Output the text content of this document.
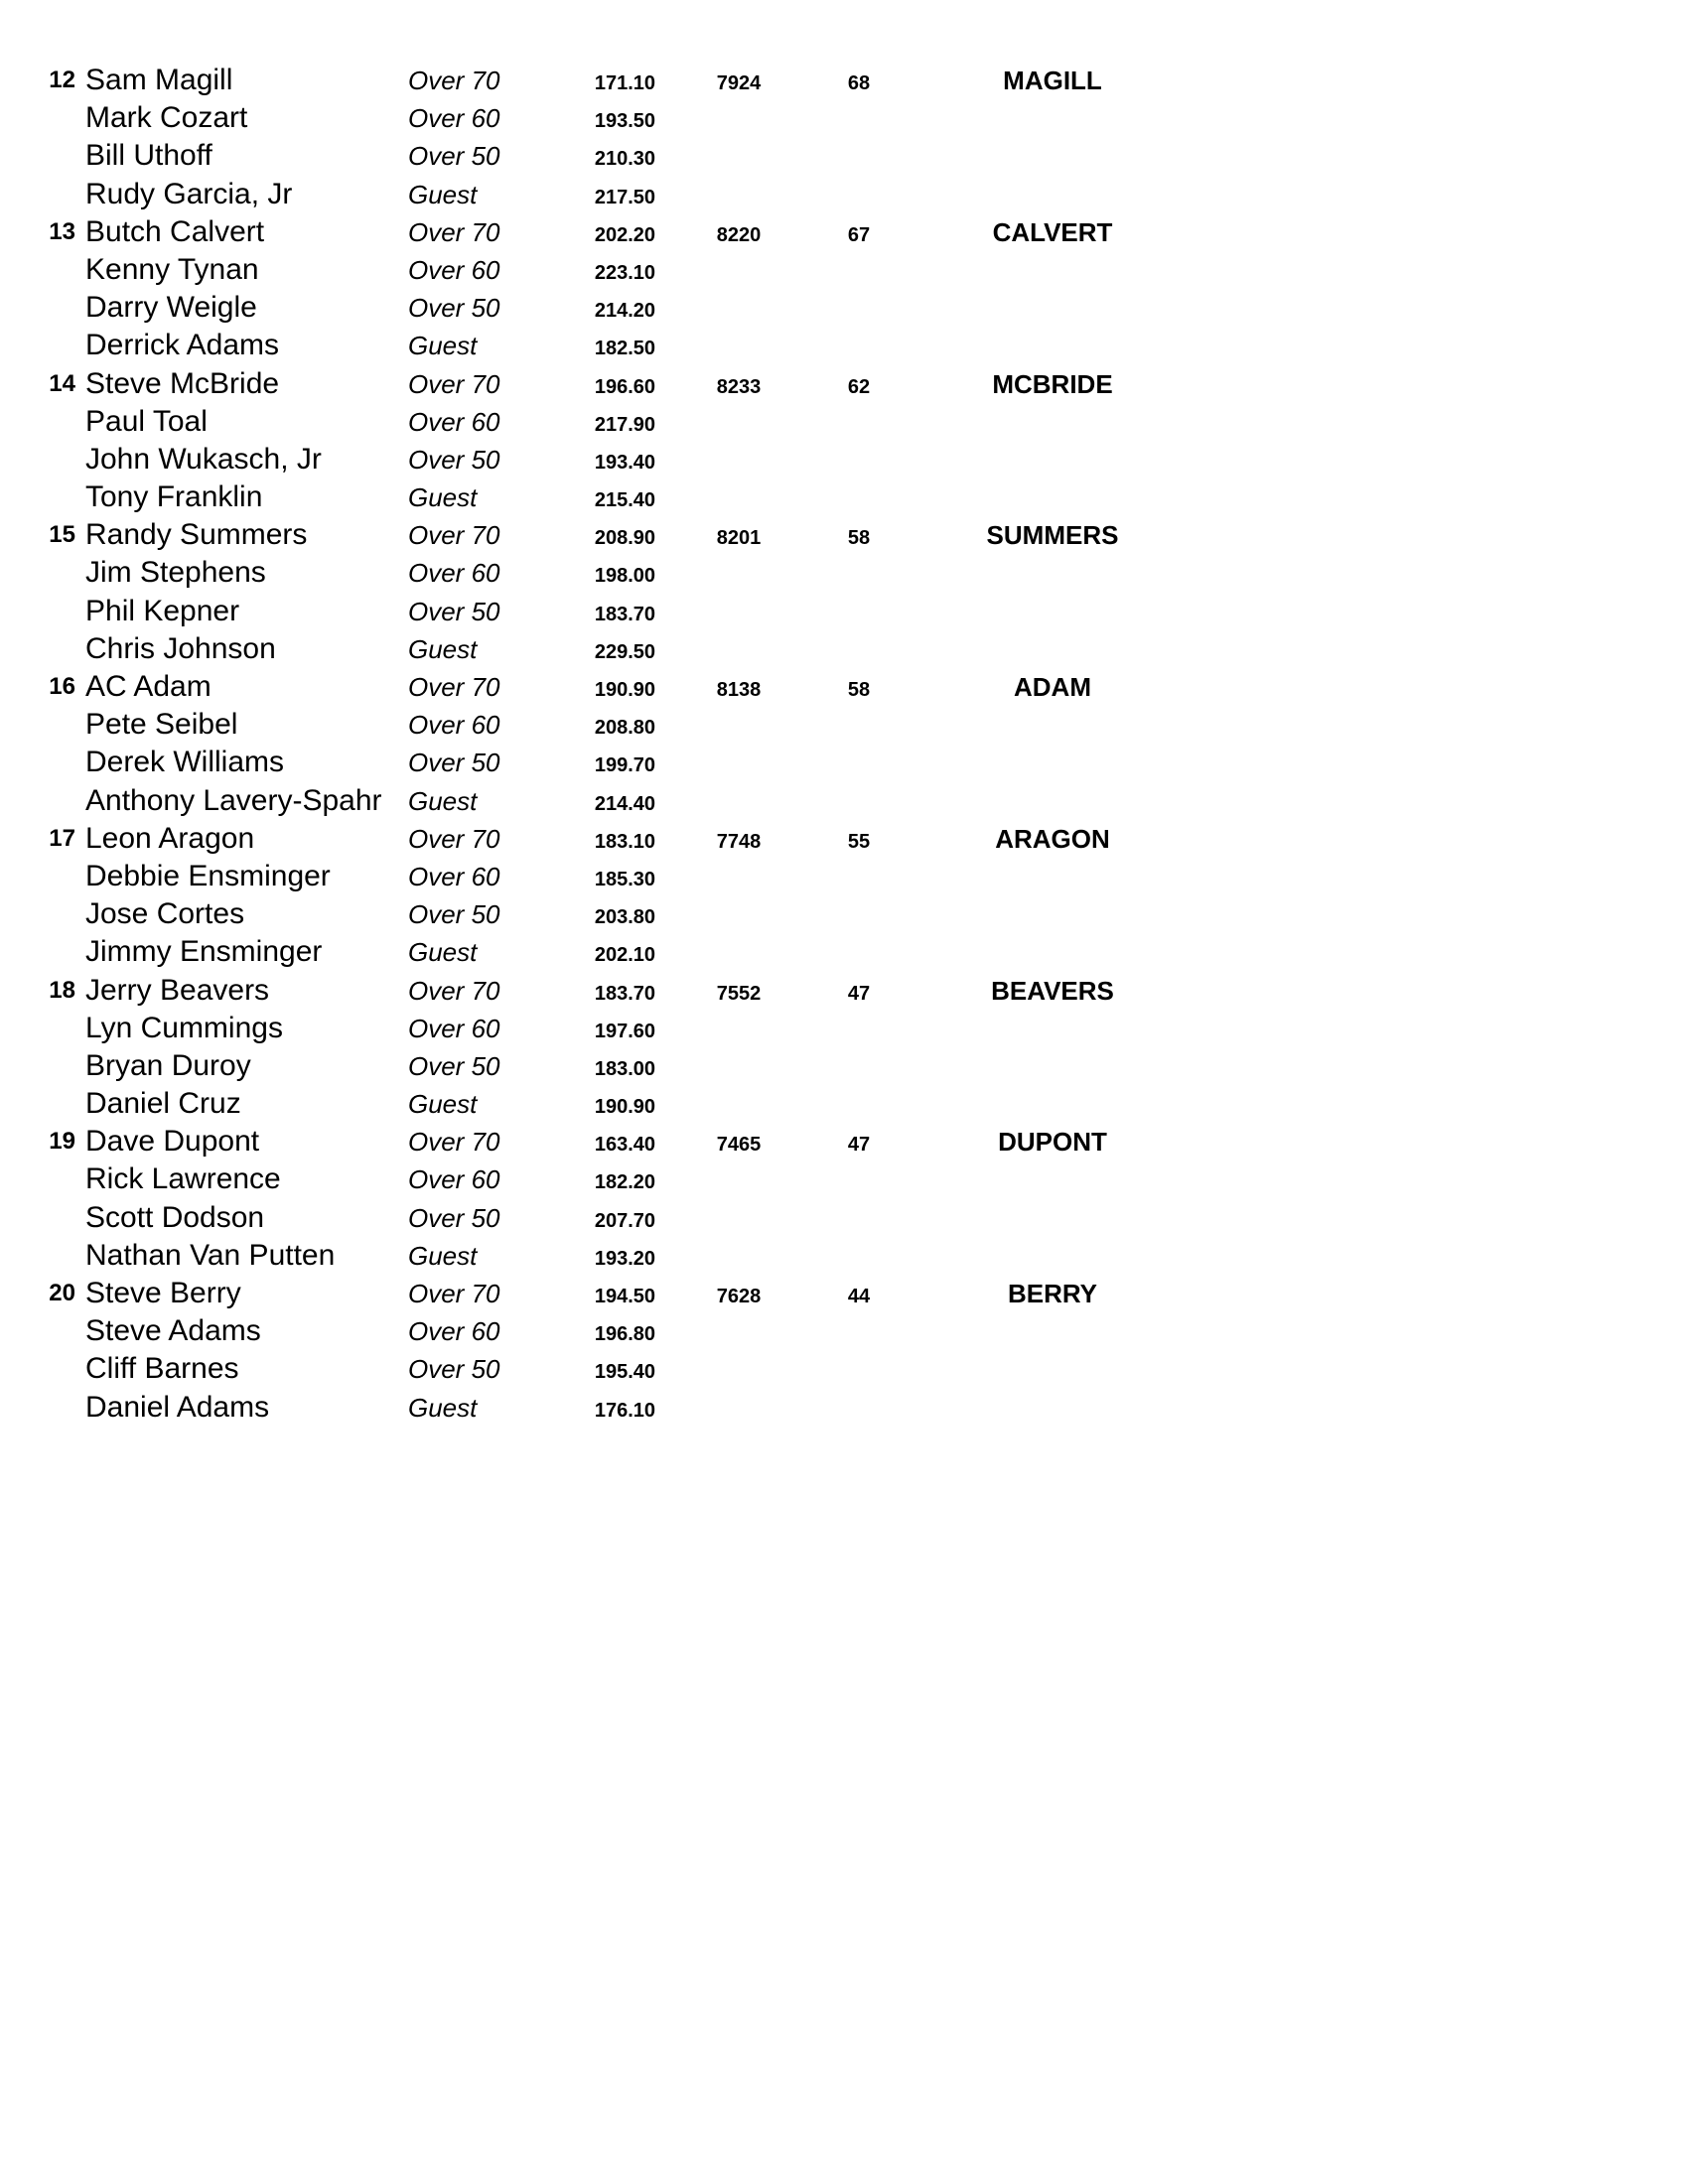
12 Sam Magill	Over 70	171.10	7924	68	MAGILL
Mark Cozart	Over 60	193.50
Bill Uthoff	Over 50	210.30
Rudy Garcia, Jr	Guest	217.50
13 Butch Calvert	Over 70	202.20	8220	67	CALVERT
Kenny Tynan	Over 60	223.10
Darry Weigle	Over 50	214.20
Derrick Adams	Guest	182.50
14 Steve McBride	Over 70	196.60	8233	62	MCBRIDE
Paul Toal	Over 60	217.90
John Wukasch, Jr	Over 50	193.40
Tony Franklin	Guest	215.40
15 Randy Summers	Over 70	208.90	8201	58	SUMMERS
Jim Stephens	Over 60	198.00
Phil Kepner	Over 50	183.70
Chris Johnson	Guest	229.50
16 AC Adam	Over 70	190.90	8138	58	ADAM
Pete Seibel	Over 60	208.80
Derek Williams	Over 50	199.70
Anthony Lavery-Spahr Guest	214.40
17 Leon Aragon	Over 70	183.10	7748	55	ARAGON
Debbie Ensminger	Over 60	185.30
Jose Cortes	Over 50	203.80
Jimmy Ensminger	Guest	202.10
18 Jerry Beavers	Over 70	183.70	7552	47	BEAVERS
Lyn Cummings	Over 60	197.60
Bryan Duroy	Over 50	183.00
Daniel Cruz	Guest	190.90
19 Dave Dupont	Over 70	163.40	7465	47	DUPONT
Rick Lawrence	Over 60	182.20
Scott Dodson	Over 50	207.70
Nathan Van Putten	Guest	193.20
20 Steve Berry	Over 70	194.50	7628	44	BERRY
Steve Adams	Over 60	196.80
Cliff Barnes	Over 50	195.40
Daniel Adams	Guest	176.10
